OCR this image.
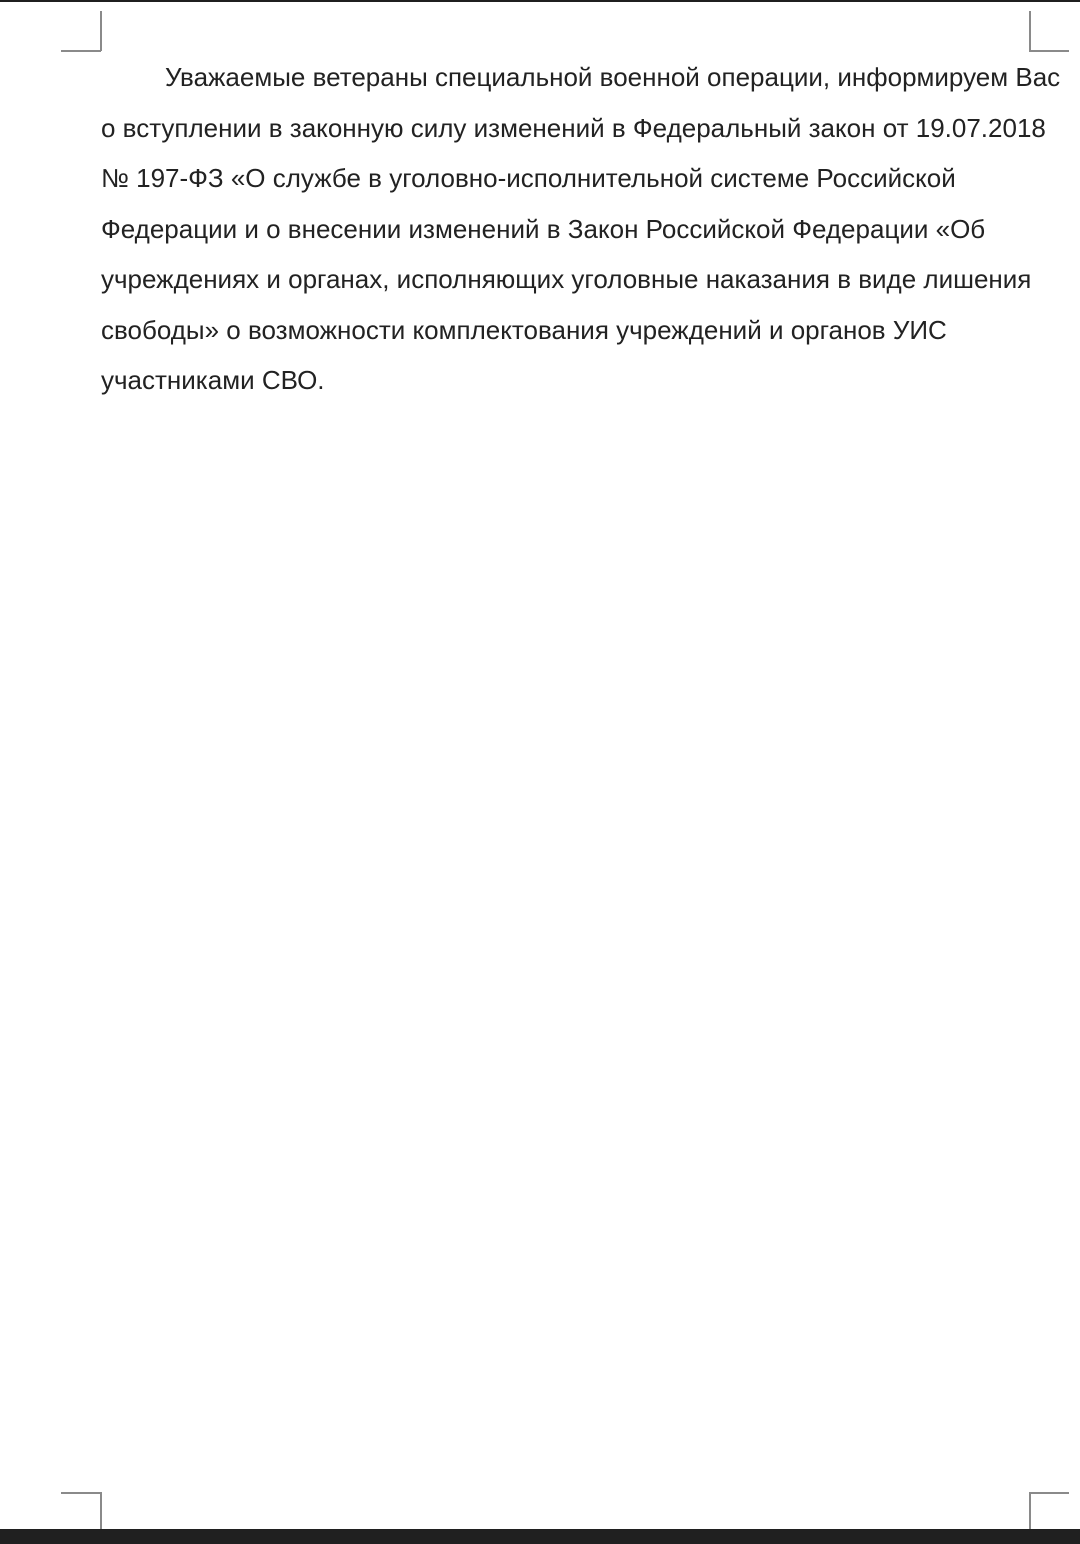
Уважаемые ветераны специальной военной операции, информируем Вас
о вступлении в законную силу изменений в Федеральный закон от 19.07.2018
№ 197-ФЗ «О службе в уголовно-исполнительной системе Российской
Федерации и о внесении изменений в Закон Российской Федерации «Об
учреждениях и органах, исполняющих уголовные наказания в виде лишения
свободы» о возможности комплектования учреждений и органов УИС
участниками СВО.
